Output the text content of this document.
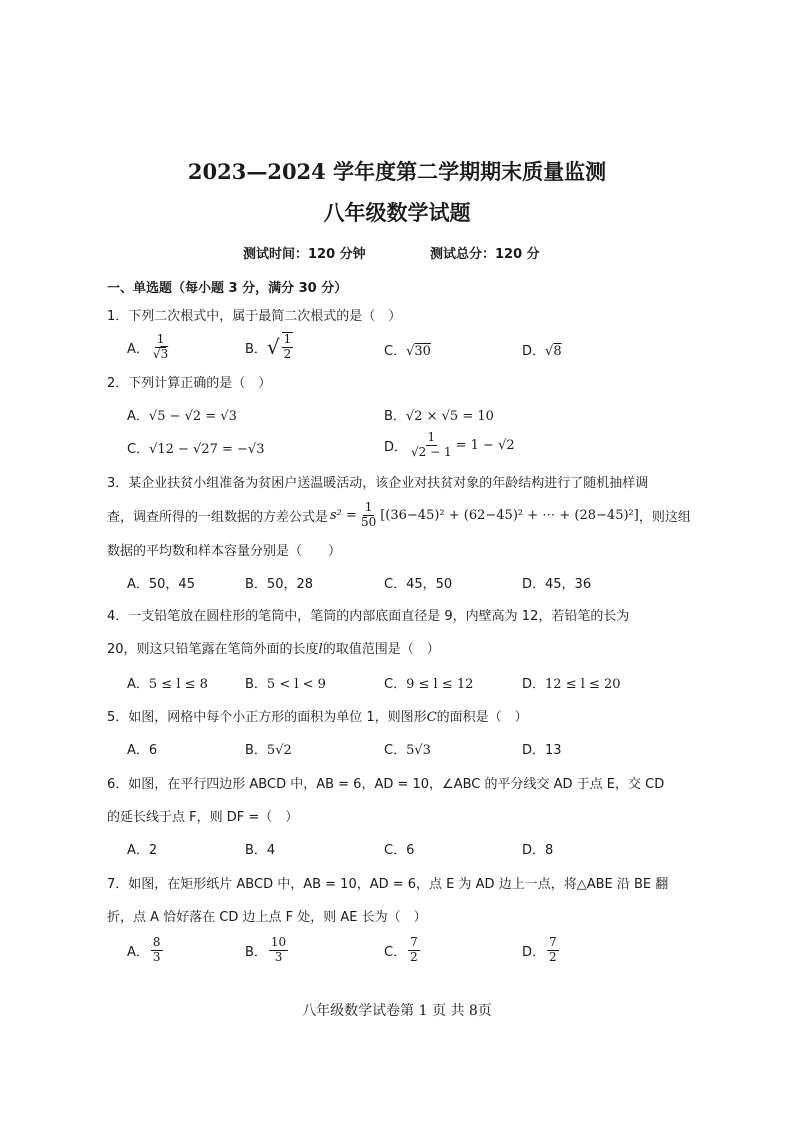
2023—2024 学年度第二学期期末质量监测
八年级数学试题
测试时间：120 分钟	测试总分：120 分
一、单选题（每小题 3 分，满分 30 分）
1．下列二次根式中，属于最简二次根式的是（　）
A． $\frac{1}{√3}$	B． √ $\frac{1}{2}$	C．√30	D．√8
2．下列计算正确的是（　）
A．√5 − √2 = √3	B．√2 × √5 = 10
C．√12 − √27 = −√3	D． $\frac{1}{√2 - 1} = 1 - √2$
3．某企业扶贫小组准备为贫困户送温暖活动，该企业对扶贫对象的年龄结构进行了随机抽样调
查，调查所得的一组数据的方差公式是 $s^2 = \frac{1}{50} [(36-45)^2 + (62-45)^2$ + ⋯ + (28−45)²] ，则这组
数据的平均数和样本容量分别是（　　）
A．50，45	B．50，28	C．45，50	D．45，36
4．一支铅笔放在圆柱形的笔筒中，笔筒的内部底面直径是 9，内壁高为 12，若铅笔的长为
20，则这只铅笔露在笔筒外面的长度l的取值范围是（　）
A．5 ≤ l ≤ 8	B．5 < l < 9	C．9 ≤ l ≤ 12	D．12 ≤ l ≤ 20
5．如图，网格中每个小正方形的面积为单位 1，则图形C的面积是（　）
A．6	B．5√2	C．5√3	D．13
6．如图，在平行四边形 ABCD 中，AB = 6，AD = 10，∠ABC 的平分线交 AD 于点 E，交 CD
的延长线于点 F，则 DF =（　）
A．2	B．4	C．6	D．8
7．如图，在矩形纸片 ABCD 中，AB = 10，AD = 6，点 E 为 AD 边上一点，将△ABE 沿 BE 翻
折，点 A 恰好落在 CD 边上点 F 处，则 AE 长为（　）
A． $\frac{8}{3}$	B． $\frac{10}{3}$	C． $\frac{7}{2}$	D． $\frac{7}{2}$
八年级数学试卷第 1 页 共 8页
